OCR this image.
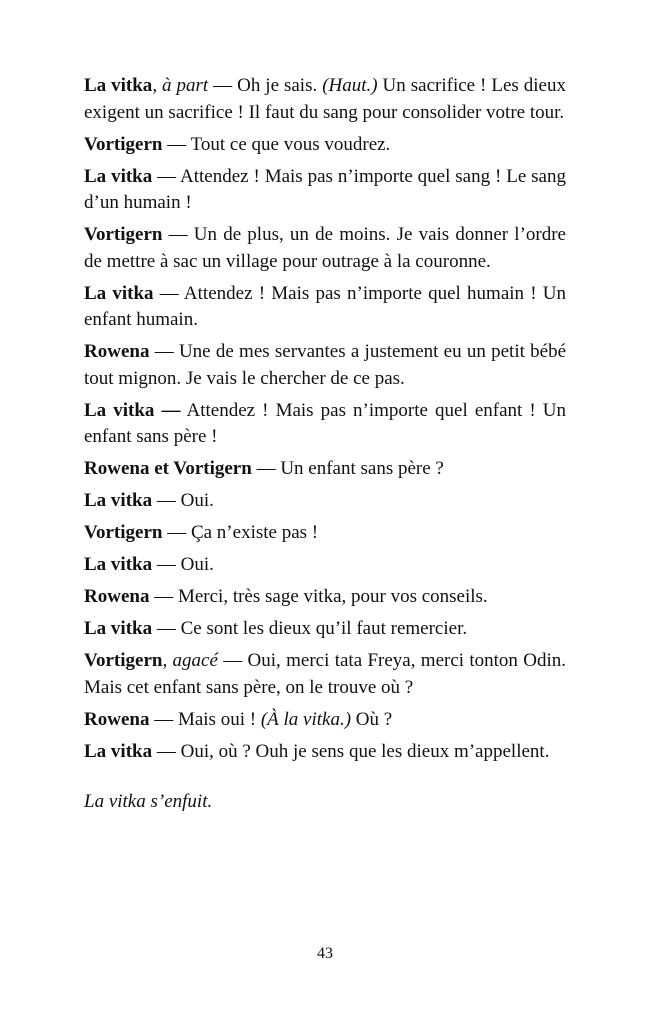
La vitka, à part — Oh je sais. (Haut.) Un sacrifice ! Les dieux exigent un sacrifice ! Il faut du sang pour consolider votre tour.

Vortigern — Tout ce que vous voudrez.

La vitka — Attendez ! Mais pas n’importe quel sang ! Le sang d’un humain !

Vortigern — Un de plus, un de moins. Je vais donner l’ordre de mettre à sac un village pour outrage à la couronne.

La vitka — Attendez ! Mais pas n’importe quel humain ! Un enfant humain.

Rowena — Une de mes servantes a justement eu un petit bébé tout mignon. Je vais le chercher de ce pas.

La vitka — Attendez ! Mais pas n’importe quel enfant ! Un enfant sans père !

Rowena et Vortigern — Un enfant sans père ?

La vitka — Oui.

Vortigern — Ça n’existe pas !

La vitka — Oui.

Rowena — Merci, très sage vitka, pour vos conseils.

La vitka — Ce sont les dieux qu’il faut remercier.

Vortigern, agacé — Oui, merci tata Freya, merci tonton Odin. Mais cet enfant sans père, on le trouve où ?

Rowena — Mais oui ! (À la vitka.) Où ?

La vitka — Oui, où ? Ouh je sens que les dieux m’appellent.

La vitka s’enfuit.

43
